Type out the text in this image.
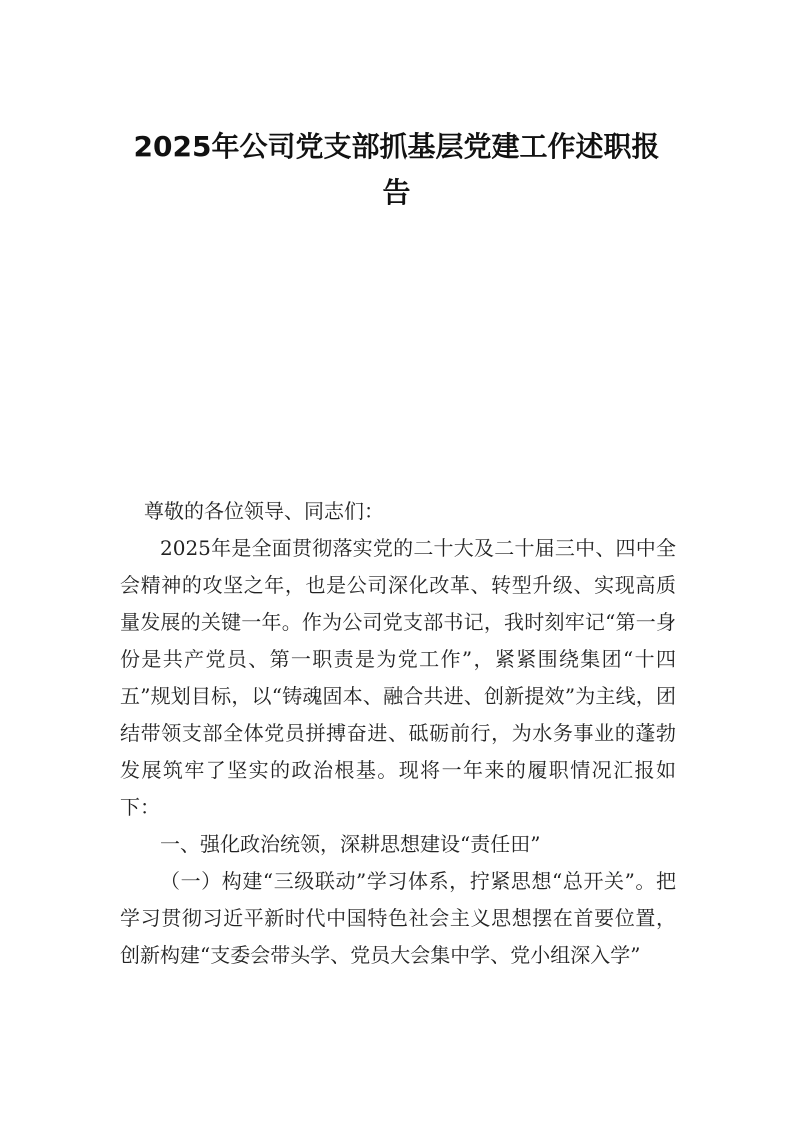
2025年公司党支部抓基层党建工作述职报告

尊敬的各位领导、同志们：

2025年是全面贯彻落实党的二十大及二十届三中、四中全会精神的攻坚之年，也是公司深化改革、转型升级、实现高质量发展的关键一年。作为公司党支部书记，我时刻牢记“第一身份是共产党员、第一职责是为党工作”，紧紧围绕集团“十四五”规划目标，以“铸魂固本、融合共进、创新提效”为主线，团结带领支部全体党员拼搏奋进、砥砺前行，为水务事业的蓬勃发展筑牢了坚实的政治根基。现将一年来的履职情况汇报如下：

一、强化政治统领，深耕思想建设“责任田”

（一）构建“三级联动”学习体系，拧紧思想“总开关”。把学习贯彻习近平新时代中国特色社会主义思想摆在首要位置，创新构建“支委会带头学、党员大会集中学、党小组深入学”
